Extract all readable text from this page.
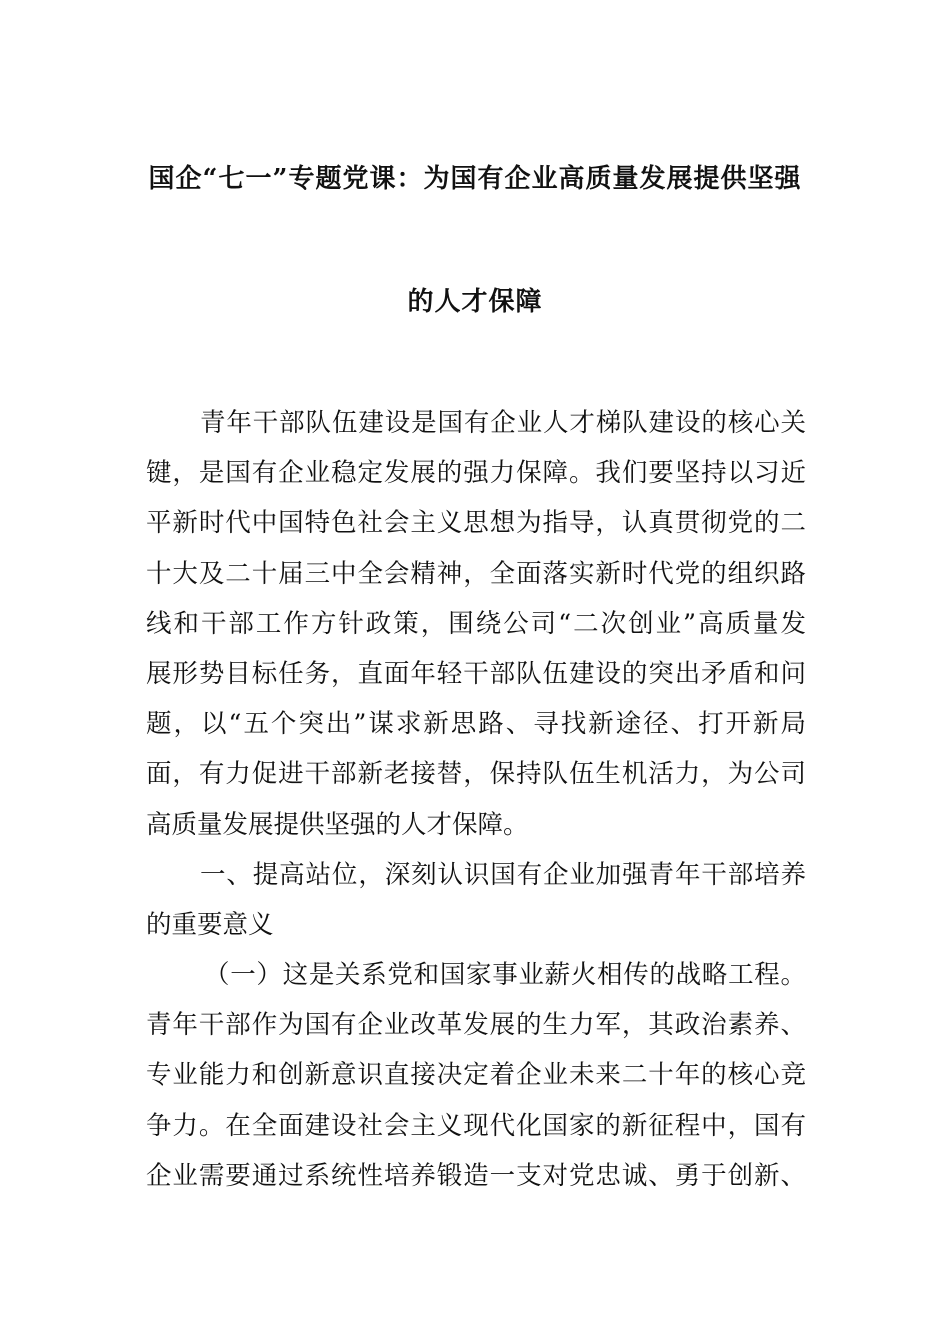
国企“七一”专题党课：为国有企业高质量发展提供坚强
的人才保障
青年干部队伍建设是国有企业人才梯队建设的核心关
键，是国有企业稳定发展的强力保障。我们要坚持以习近
平新时代中国特色社会主义思想为指导，认真贯彻党的二
十大及二十届三中全会精神，全面落实新时代党的组织路
线和干部工作方针政策，围绕公司“二次创业”高质量发
展形势目标任务，直面年轻干部队伍建设的突出矛盾和问
题，以“五个突出”谋求新思路、寻找新途径、打开新局
面，有力促进干部新老接替，保持队伍生机活力，为公司
高质量发展提供坚强的人才保障。
一、提高站位，深刻认识国有企业加强青年干部培养
的重要意义
（一）这是关系党和国家事业薪火相传的战略工程。
青年干部作为国有企业改革发展的生力军，其政治素养、
专业能力和创新意识直接决定着企业未来二十年的核心竞
争力。在全面建设社会主义现代化国家的新征程中，国有
企业需要通过系统性培养锻造一支对党忠诚、勇于创新、
